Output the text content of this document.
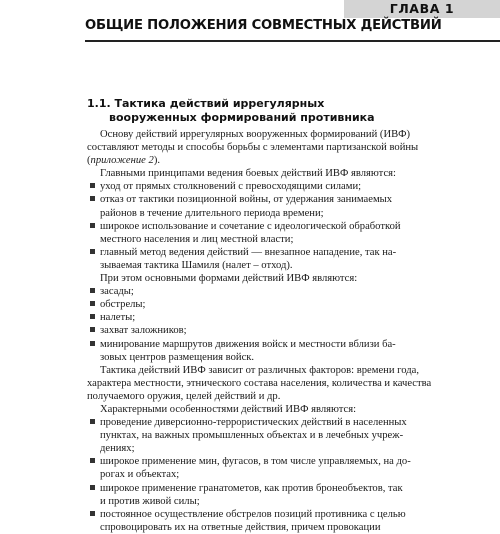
ГЛАВА 1
ОБЩИЕ ПОЛОЖЕНИЯ СОВМЕСТНЫХ ДЕЙСТВИЙ
1.1. Тактика действий иррегулярных
вооруженных формирований противника

Основу действий иррегулярных вооруженных формирований (ИВФ)
составляют методы и способы борьбы с элементами партизанской войны
(приложение 2).

Главными принципами ведения боевых действий ИВФ являются:

уход от прямых столкновений с превосходящими силами;
отказ от тактики позиционной войны, от удержания занимаемых
районов в течение длительного периода времени;
широкое использование и сочетание с идеологической обработкой
местного населения и лиц местной власти;
главный метод ведения действий — внезапное нападение, так на-
зываемая тактика Шамиля (налет – отход).

При этом основными формами действий ИВФ являются:

засады;
обстрелы;
налеты;
захват заложников;
минирование маршрутов движения войск и местности вблизи ба-
зовых центров размещения войск.

Тактика действий ИВФ зависит от различных факторов: времени года,
характера местности, этнического состава населения, количества и качества
получаемого оружия, целей действий и др.

Характерными особенностями действий ИВФ являются:

проведение диверсионно-террористических действий в населенных
пунктах, на важных промышленных объектах и в лечебных учреж-
дениях;
широкое применение мин, фугасов, в том числе управляемых, на до-
рогах и объектах;
широкое применение гранатометов, как против бронеобъектов, так
и против живой силы;
постоянное осуществление обстрелов позиций противника с целью
спровоцировать их на ответные действия, причем провокации
